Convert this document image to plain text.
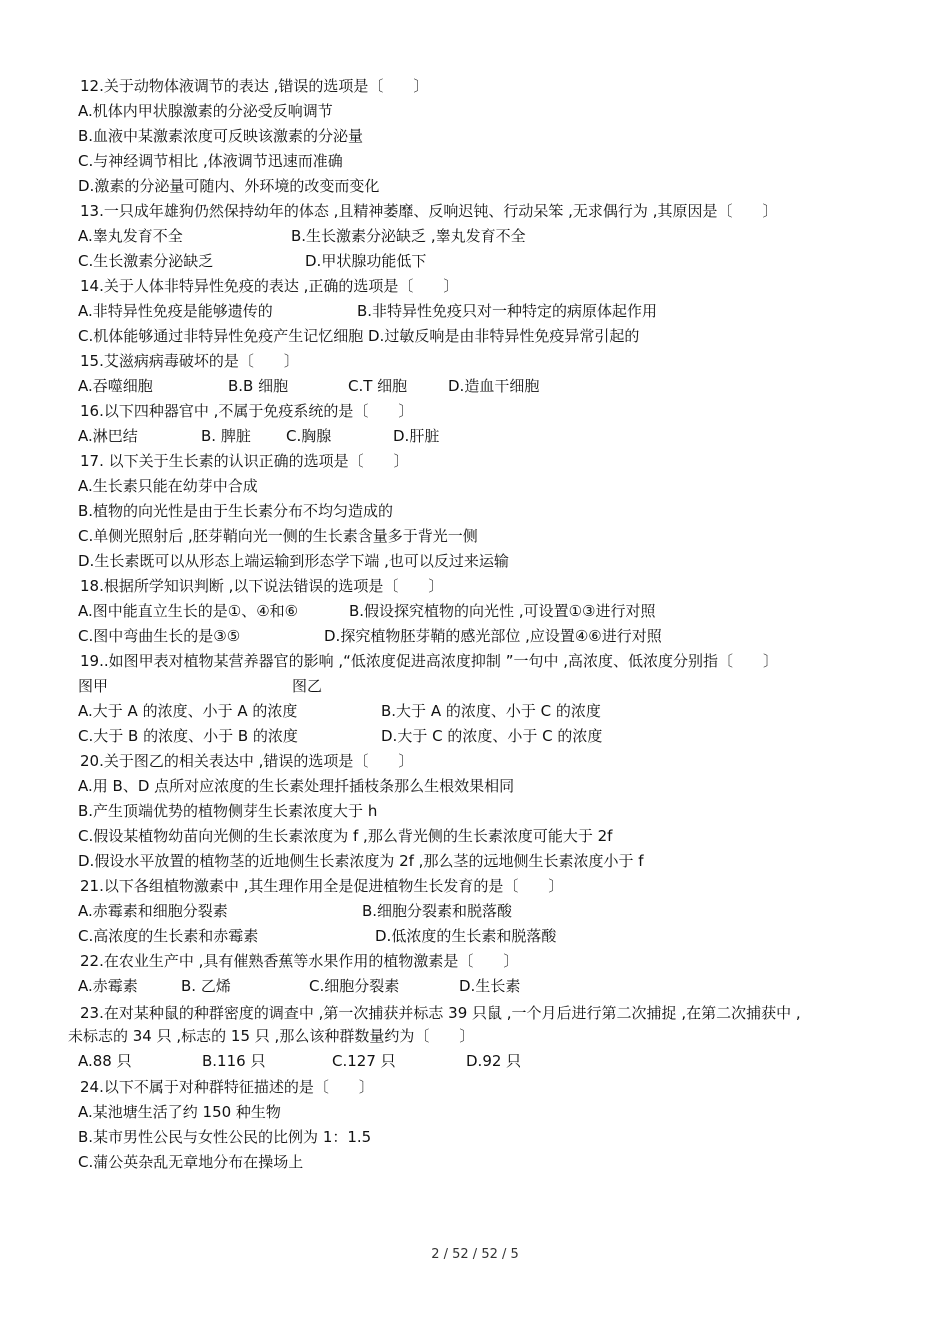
12.关于动物体液调节的表达 ,错误的选项是〔　　〕
A.机体内甲状腺激素的分泌受反响调节
B.血液中某激素浓度可反映该激素的分泌量
C.与神经调节相比 ,体液调节迅速而准确
D.激素的分泌量可随内、外环境的改变而变化
13.一只成年雄狗仍然保持幼年的体态 ,且精神萎靡、反响迟钝、行动呆笨 ,无求偶行为 ,其原因是〔　　〕
A.睾丸发育不全	B.生长激素分泌缺乏 ,睾丸发育不全
C.生长激素分泌缺乏	D.甲状腺功能低下
14.关于人体非特异性免疫的表达 ,正确的选项是〔　　〕
A.非特异性免疫是能够遗传的	B.非特异性免疫只对一种特定的病原体起作用
C.机体能够通过非特异性免疫产生记忆细胞 D.过敏反响是由非特异性免疫异常引起的
15.艾滋病病毒破坏的是〔　　〕
A.吞噬细胞	B.B 细胞	C.T 细胞	D.造血干细胞
16.以下四种器官中 ,不属于免疫系统的是〔　　〕
A.淋巴结	B. 脾脏 C.胸腺	D.肝脏
17. 以下关于生长素的认识正确的选项是〔　　〕
A.生长素只能在幼芽中合成
B.植物的向光性是由于生长素分布不均匀造成的
C.单侧光照射后 ,胚芽鞘向光一侧的生长素含量多于背光一侧
D.生长素既可以从形态上端运输到形态学下端 ,也可以反过来运输
18.根据所学知识判断 ,以下说法错误的选项是〔　　〕
A.图中能直立生长的是①、④和⑥	B.假设探究植物的向光性 ,可设置①③进行对照
C.图中弯曲生长的是③⑤	D.探究植物胚芽鞘的感光部位 ,应设置④⑥进行对照
19..如图甲表对植物某营养器官的影响 ,“低浓度促进高浓度抑制 ”一句中 ,高浓度、低浓度分别指〔　　〕
图甲	图乙
A.大于 A 的浓度、小于 A 的浓度	B.大于 A 的浓度、小于 C 的浓度
C.大于 B 的浓度、小于 B 的浓度	D.大于 C 的浓度、小于 C 的浓度
20.关于图乙的相关表达中 ,错误的选项是〔　　〕
A.用 B、D 点所对应浓度的生长素处理扦插枝条那么生根效果相同
B.产生顶端优势的植物侧芽生长素浓度大于 h
C.假设某植物幼苗向光侧的生长素浓度为 f ,那么背光侧的生长素浓度可能大于 2f
D.假设水平放置的植物茎的近地侧生长素浓度为 2f ,那么茎的远地侧生长素浓度小于 f
21.以下各组植物激素中 ,其生理作用全是促进植物生长发育的是〔　　〕
A.赤霉素和细胞分裂素	B.细胞分裂素和脱落酸
C.高浓度的生长素和赤霉素	D.低浓度的生长素和脱落酸
22.在农业生产中 ,具有催熟香蕉等水果作用的植物激素是〔　　〕
A.赤霉素	B. 乙烯	C.细胞分裂素	D.生长素
23.在对某种鼠的种群密度的调查中 ,第一次捕获并标志 39 只鼠 ,一个月后进行第二次捕捉 ,在第二次捕获中 ,
未标志的 34 只 ,标志的 15 只 ,那么该种群数量约为〔　　〕
A.88 只	B.116 只	C.127 只	D.92 只
24.以下不属于对种群特征描述的是〔　　〕
A.某池塘生活了约 150 种生物
B.某市男性公民与女性公民的比例为 1：1.5
C.蒲公英杂乱无章地分布在操场上
2 / 52 / 52 / 5
